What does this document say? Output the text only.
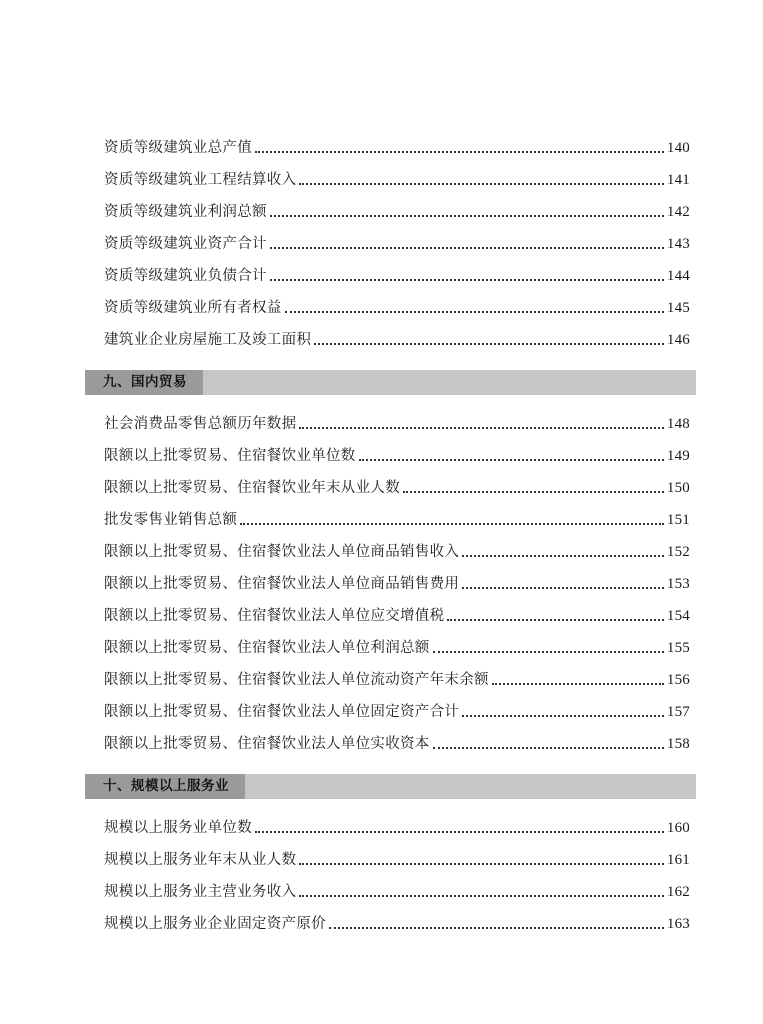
资质等级建筑业总产值	140
资质等级建筑业工程结算收入	141
资质等级建筑业利润总额	142
资质等级建筑业资产合计	143
资质等级建筑业负债合计	144
资质等级建筑业所有者权益	145
建筑业企业房屋施工及竣工面积	146
九、国内贸易
社会消费品零售总额历年数据	148
限额以上批零贸易、住宿餐饮业单位数	149
限额以上批零贸易、住宿餐饮业年末从业人数	150
批发零售业销售总额	151
限额以上批零贸易、住宿餐饮业法人单位商品销售收入	152
限额以上批零贸易、住宿餐饮业法人单位商品销售费用	153
限额以上批零贸易、住宿餐饮业法人单位应交增值税	154
限额以上批零贸易、住宿餐饮业法人单位利润总额	155
限额以上批零贸易、住宿餐饮业法人单位流动资产年末余额	156
限额以上批零贸易、住宿餐饮业法人单位固定资产合计	157
限额以上批零贸易、住宿餐饮业法人单位实收资本	158
十、规模以上服务业
规模以上服务业单位数	160
规模以上服务业年末从业人数	161
规模以上服务业主营业务收入	162
规模以上服务业企业固定资产原价	163
